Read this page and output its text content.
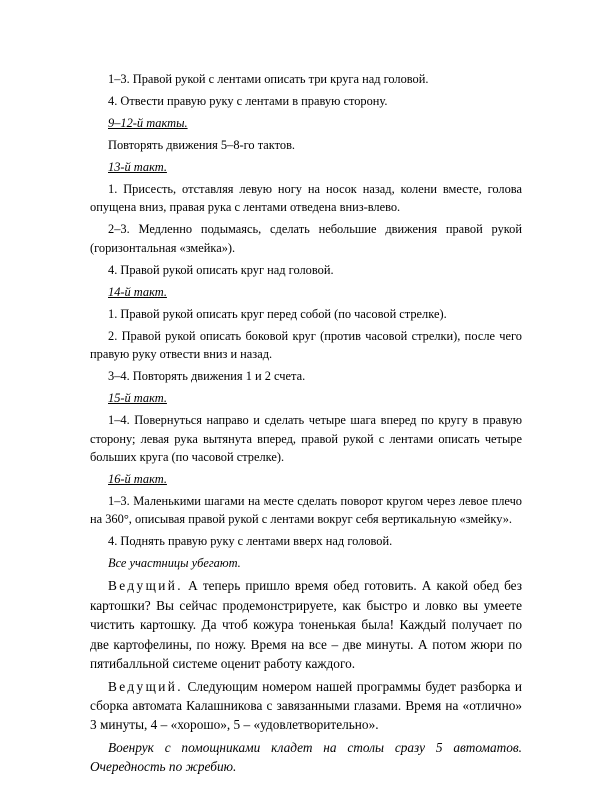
1–3. Правой рукой с лентами описать три круга над головой.

4. Отвести правую руку с лентами в правую сторону.

9–12-й такты.

Повторять движения 5–8-го тактов.

13-й такт.

1. Присесть, отставляя левую ногу на носок назад, колени вместе, голова опущена вниз, правая рука с лентами отведена вниз-влево.

2–3. Медленно подымаясь, сделать небольшие движения правой рукой (горизонтальная «змейка»).

4. Правой рукой описать круг над головой.

14-й такт.

1. Правой рукой описать круг перед собой (по часовой стрелке).

2. Правой рукой описать боковой круг (против часовой стрелки), после чего правую руку отвести вниз и назад.

3–4. Повторять движения 1 и 2 счета.

15-й такт.

1–4. Повернуться направо и сделать четыре шага вперед по кругу в правую сторону; левая рука вытянута вперед, правой рукой с лентами описать четыре больших круга (по часовой стрелке).

16-й такт.

1–3. Маленькими шагами на месте сделать поворот кругом через левое плечо на 360°, описывая правой рукой с лентами вокруг себя вертикальную «змейку».

4. Поднять правую руку с лентами вверх над головой.

Все участницы убегают.

Ведущий. А теперь пришло время обед готовить. А какой обед без картошки? Вы сейчас продемонстрируете, как быстро и ловко вы умеете чистить картошку. Да чтоб кожура тоненькая была! Каждый получает по две картофелины, по ножу. Время на все – две минуты. А потом жюри по пятибалльной системе оценит работу каждого.

Ведущий. Следующим номером нашей программы будет разборка и сборка автомата Калашникова с завязанными глазами. Время на «отлично» 3 минуты, 4 – «хорошо», 5 – «удовлетворительно».

Военрук с помощниками кладет на столы сразу 5 автоматов. Очередность по жребию.
